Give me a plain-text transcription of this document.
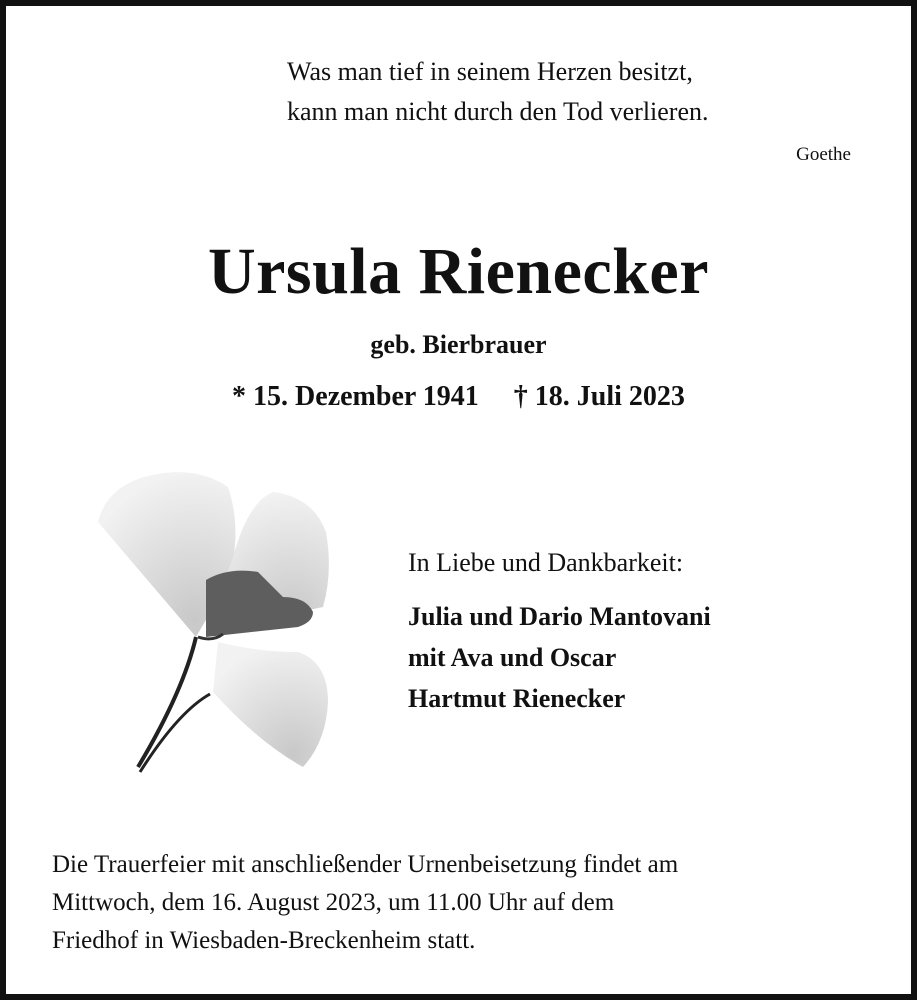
Was man tief in seinem Herzen besitzt,
kann man nicht durch den Tod verlieren.
Goethe
Ursula Rienecker
geb. Bierbrauer
* 15. Dezember 1941 † 18. Juli 2023
In Liebe und Dankbarkeit:
Julia und Dario Mantovani
mit Ava und Oscar
Hartmut Rienecker
Die Trauerfeier mit anschließender Urnenbeisetzung findet am
Mittwoch, dem 16. August 2023, um 11.00 Uhr auf dem
Friedhof in Wiesbaden-Breckenheim statt.
